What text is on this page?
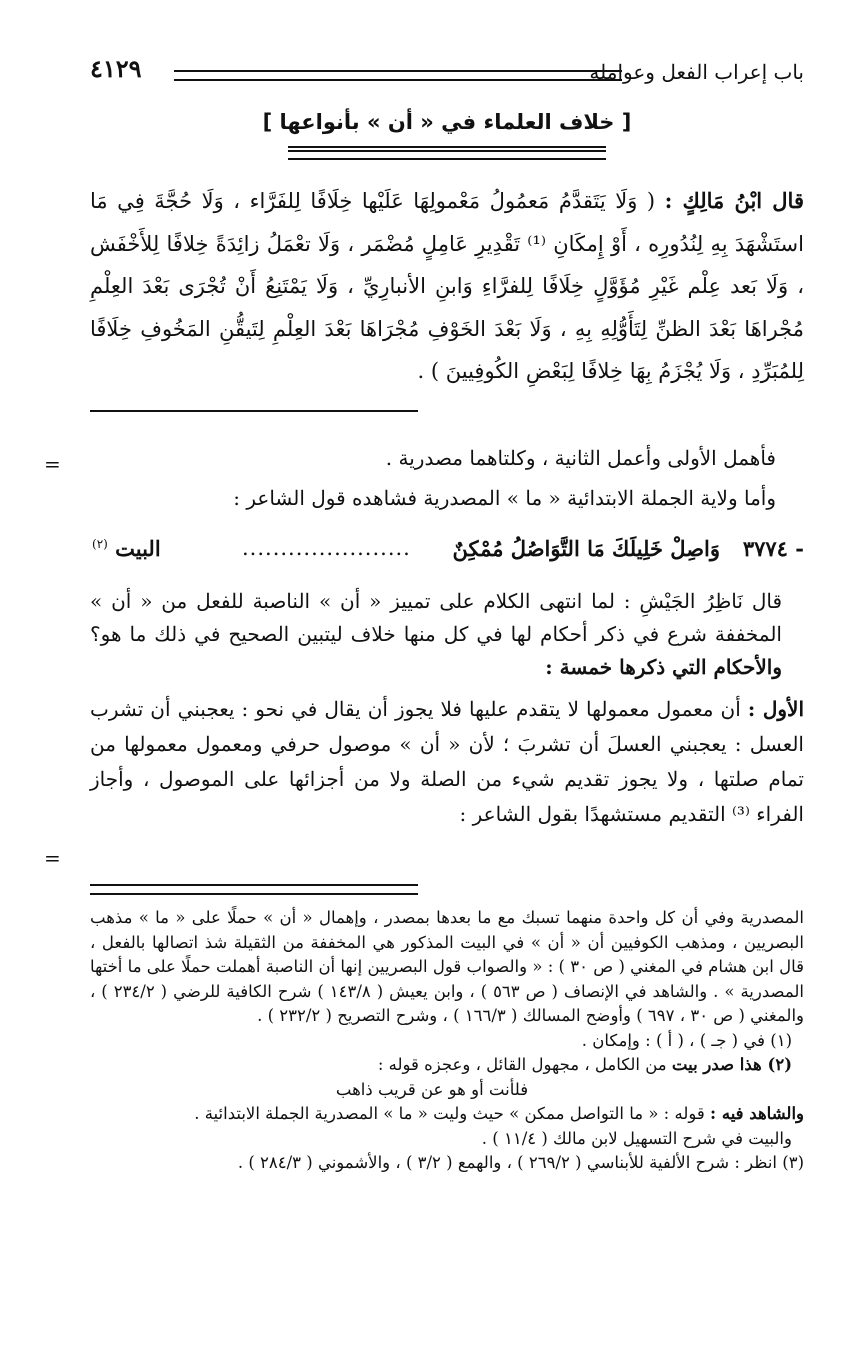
باب إعراب الفعل وعوامله
٤١٢٩
[ خلاف العلماء في « أن » بأنواعها ]
قال ابْنُ مَالِكٍ : ( وَلَا يَتَقدَّمُ مَعمُولُ مَعْمولِهَا عَلَيْها خِلَافًا لِلفَرَّاء ، وَلَا حُجَّةَ فِي مَا استَشْهَدَ بِهِ لِنُدُورِه ، أَوْ إِمكَانِ ⁽¹⁾ تَقْدِيرِ عَامِلٍ مُضْمَر ، وَلَا تعْمَلُ زائِدَةً خِلافًا لِلأَخْفَش ، وَلَا بَعد عِلْم غَيْرِ مُؤَوَّلٍ خِلَافًا لِلفرَّاءِ وَابنِ الأنبارِيِّ ، وَلَا يَمْتَنِعُ أَنْ تُجْرَى بَعْدَ العِلْمِ مُجْراهَا بَعْدَ الظنِّ لِتَأَوُّلِهِ بِهِ ، وَلَا بَعْدَ الخَوْفِ مُجْرَاهَا بَعْدَ العِلْمِ لِتَيقُّنِ المَخُوفِ خِلَافًا لِلمُبَرِّدِ ، وَلَا يُجْزَمُ بِهَا خِلافًا لِبَعْضِ الكُوفِيينَ ) .
=	فأهمل الأولى وأعمل الثانية ، وكلتاهما مصدرية .

وأما ولاية الجملة الابتدائية « ما » المصدرية فشاهده قول الشاعر :

٣٧٧٤ -
وَاصِلْ خَلِيلَكَ مَا التَّوَاصُلُ مُمْكِنٌ
......................
البيت $^{(٢)}$

قال نَاظِرُ الجَيْشِ : لما انتهى الكلام على تمييز « أن » الناصبة للفعل من « أن » المخففة شرع في ذكر أحكام لها في كل منها خلاف ليتبين الصحيح في ذلك ما هو؟ والأحكام التي ذكرها خمسة :

الأول : أن معمول معمولها لا يتقدم عليها فلا يجوز أن يقال في نحو : يعجبني أن تشرب العسل : يعجبني العسلَ أن تشربَ ؛ لأن « أن » موصول حرفي ومعمول معمولها من تمام صلتها ، ولا يجوز تقديم شيء من الصلة ولا من أجزائها على الموصول ، وأجاز الفراء ⁽³⁾ التقديم مستشهدًا بقول الشاعر :

=

المصدرية وفي أن كل واحدة منهما تسبك مع ما بعدها بمصدر ، وإهمال « أن » حملًا على « ما » مذهب البصريين ، ومذهب الكوفيين أن « أن » في البيت المذكور هي المخففة من الثقيلة شذ اتصالها بالفعل ، قال ابن هشام في المغني ( ص ٣٠ ) : « والصواب قول البصريين إنها أن الناصبة أهملت حملًا على ما أختها المصدرية » . والشاهد في الإنصاف ( ص ٥٦٣ ) ، وابن يعيش ( ١٤٣/٨ ) شرح الكافية للرضي ( ٢٣٤/٢ ) ، والمغني ( ص ٣٠ ، ٦٩٧ ) وأوضح المسالك ( ١٦٦/٣ ) ، وشرح التصريح ( ٢٣٢/٢ ) .

(١) في ( جـ ) ، ( أ ) : وإمكان .

(٢) هذا صدر بيت من الكامل ، مجهول القائل ، وعجزه قوله :

فلأنت أو هو عن قريب ذاهب

والشاهد فيه : قوله : « ما التواصل ممكن » حيث وليت « ما » المصدرية الجملة الابتدائية .

والبيت في شرح التسهيل لابن مالك ( ١١/٤ ) .

(٣) انظر : شرح الألفية للأبناسي ( ٢٦٩/٢ ) ، والهمع ( ٣/٢ ) ، والأشموني ( ٢٨٤/٣ ) .
